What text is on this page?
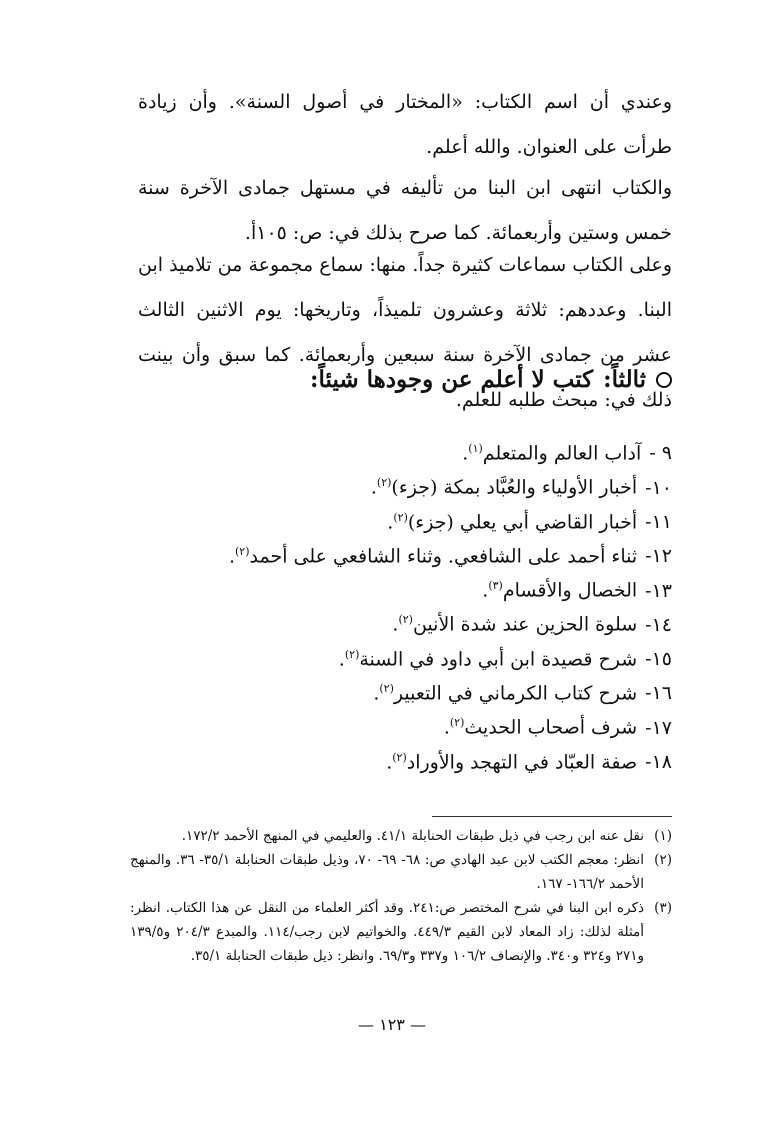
وعندي أن اسم الكتاب: «المختار في أصول السنة». وأن زيادة طرأت على العنوان. والله أعلم.

والكتاب انتهى ابن البنا من تأليفه في مستهل جمادى الآخرة سنة خمس وستين وأربعمائة. كما صرح بذلك في: ص: ١٠٥أ.

وعلى الكتاب سماعات كثيرة جداً. منها: سماع مجموعة من تلاميذ ابن البنا. وعددهم: ثلاثة وعشرون تلميذاً، وتاريخها: يوم الاثنين الثالث عشر من جمادى الآخرة سنة سبعين وأربعمائة. كما سبق وأن بينت ذلك في: مبحث طلبه للعلم.

ثالثاً:
كتب لا أعلم عن وجودها شيئاً:
٩ -آداب العالم والمتعلم$^{(١)}$.
١٠-أخبار الأولياء والعُبَّاد بمكة (جزء)$^{(٢)}$.
١١-أخبار القاضي أبي يعلي (جزء)$^{(٢)}$.
١٢-ثناء أحمد على الشافعي. وثناء الشافعي على أحمد$^{(٢)}$.
١٣-الخصال والأقسام$^{(٣)}$.
١٤-سلوة الحزين عند شدة الأنين$^{(٢)}$.
١٥-شرح قصيدة ابن أبي داود في السنة$^{(٢)}$.
١٦-شرح كتاب الكرماني في التعبير$^{(٢)}$.
١٧-شرف أصحاب الحديث$^{(٢)}$.
١٨-صفة العبّاد في التهجد والأوراد$^{(٢)}$.

(١)
نقل عنه ابن رجب في ذيل طبقات الحنابلة ٤١/١. والعليمي في المنهج الأحمد ١٧٢/٢.

(٢)
انظر: معجم الكتب لابن عبد الهادي ص: ٦٨- ٦٩- ٧٠، وذيل طبقات الحنابلة ٣٥/١- ٣٦. والمنهج الأحمد ١٦٦/٢- ١٦٧.

(٣)
ذكره ابن البنا في شرح المختصر ص:٢٤١. وقد أكثر العلماء من النقل عن هذا الكتاب. انظر: أمثلة لذلك: زاد المعاد لابن القيم ٤٤٩/٣. والخواتيم لابن رجب/١١٤. والمبدع ٢٠٤/٣ و١٣٩/٥ و٢٧١ و٣٢٤ و٣٤٠. والإنصاف ١٠٦/٢ و٣٣٧ و٦٩/٣. وانظر: ذيل طبقات الحنابلة ٣٥/١.

— ١٢٣ —
